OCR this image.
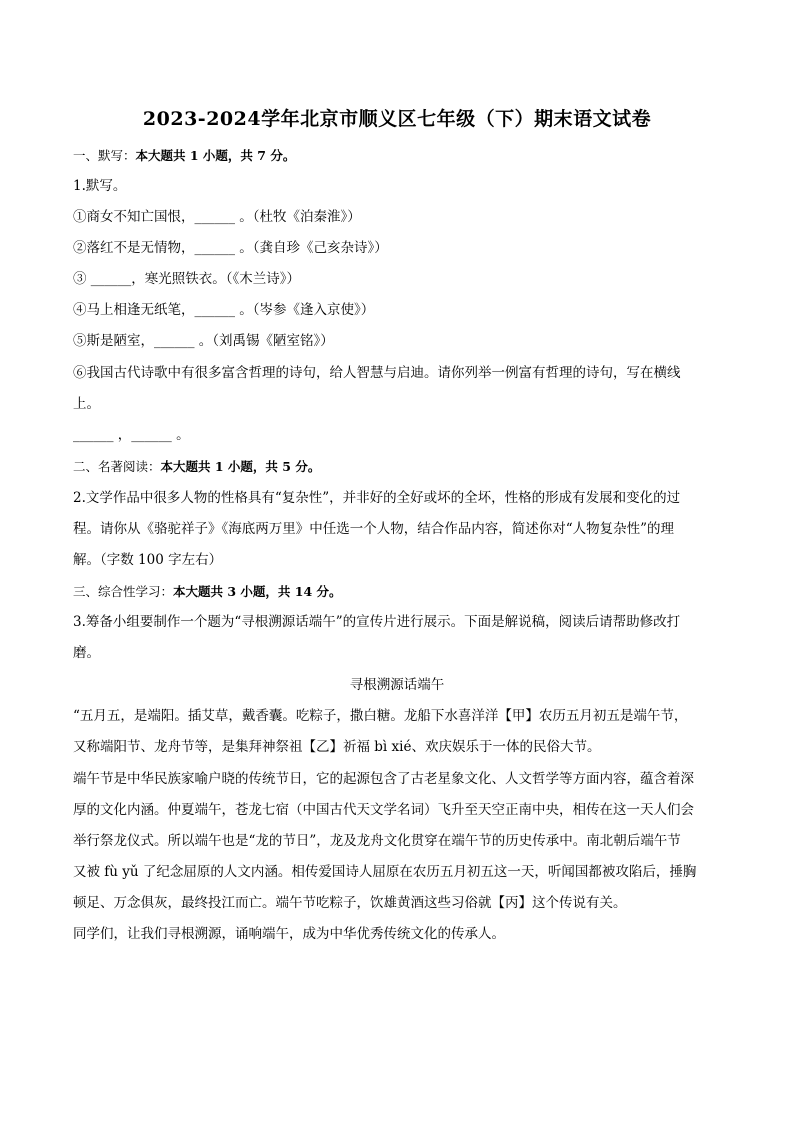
2023-2024学年北京市顺义区七年级（下）期末语文试卷
一、默写：本大题共 1 小题，共 7 分。
1.默写。
①商女不知亡国恨，______ 。（杜牧《泊秦淮》）
②落红不是无情物，______ 。（龚自珍《己亥杂诗》）
③ ______，寒光照铁衣。（《木兰诗》）
④马上相逢无纸笔，______ 。（岑参《逢入京使》）
⑤斯是陋室，______ 。（刘禹锡《陋室铭》）
⑥我国古代诗歌中有很多富含哲理的诗句，给人智慧与启迪。请你列举一例富有哲理的诗句，写在横线
上。
______ ，______ 。
二、名著阅读：本大题共 1 小题，共 5 分。
2.文学作品中很多人物的性格具有“复杂性”，并非好的全好或坏的全坏，性格的形成有发展和变化的过
程。请你从《骆驼祥子》《海底两万里》中任选一个人物，结合作品内容，简述你对“人物复杂性”的理
解。（字数 100 字左右）
三、综合性学习：本大题共 3 小题，共 14 分。
3.筹备小组要制作一个题为“寻根溯源话端午”的宣传片进行展示。下面是解说稿，阅读后请帮助修改打
磨。
寻根溯源话端午
“五月五，是端阳。插艾草，戴香囊。吃粽子，撒白糖。龙船下水喜洋洋【甲】农历五月初五是端午节，
又称端阳节、龙舟节等，是集拜神祭祖【乙】祈福 bì xié、欢庆娱乐于一体的民俗大节。
端午节是中华民族家喻户晓的传统节日，它的起源包含了古老星象文化、人文哲学等方面内容，蕴含着深
厚的文化内涵。仲夏端午，苍龙七宿（中国古代天文学名词）飞升至天空正南中央，相传在这一天人们会
举行祭龙仪式。所以端午也是“龙的节日”，龙及龙舟文化贯穿在端午节的历史传承中。南北朝后端午节
又被 fù yǔ 了纪念屈原的人文内涵。相传爱国诗人屈原在农历五月初五这一天，听闻国都被攻陷后，捶胸
顿足、万念俱灰，最终投江而亡。端午节吃粽子，饮雄黄酒这些习俗就【丙】这个传说有关。
同学们，让我们寻根溯源，诵响端午，成为中华优秀传统文化的传承人。
